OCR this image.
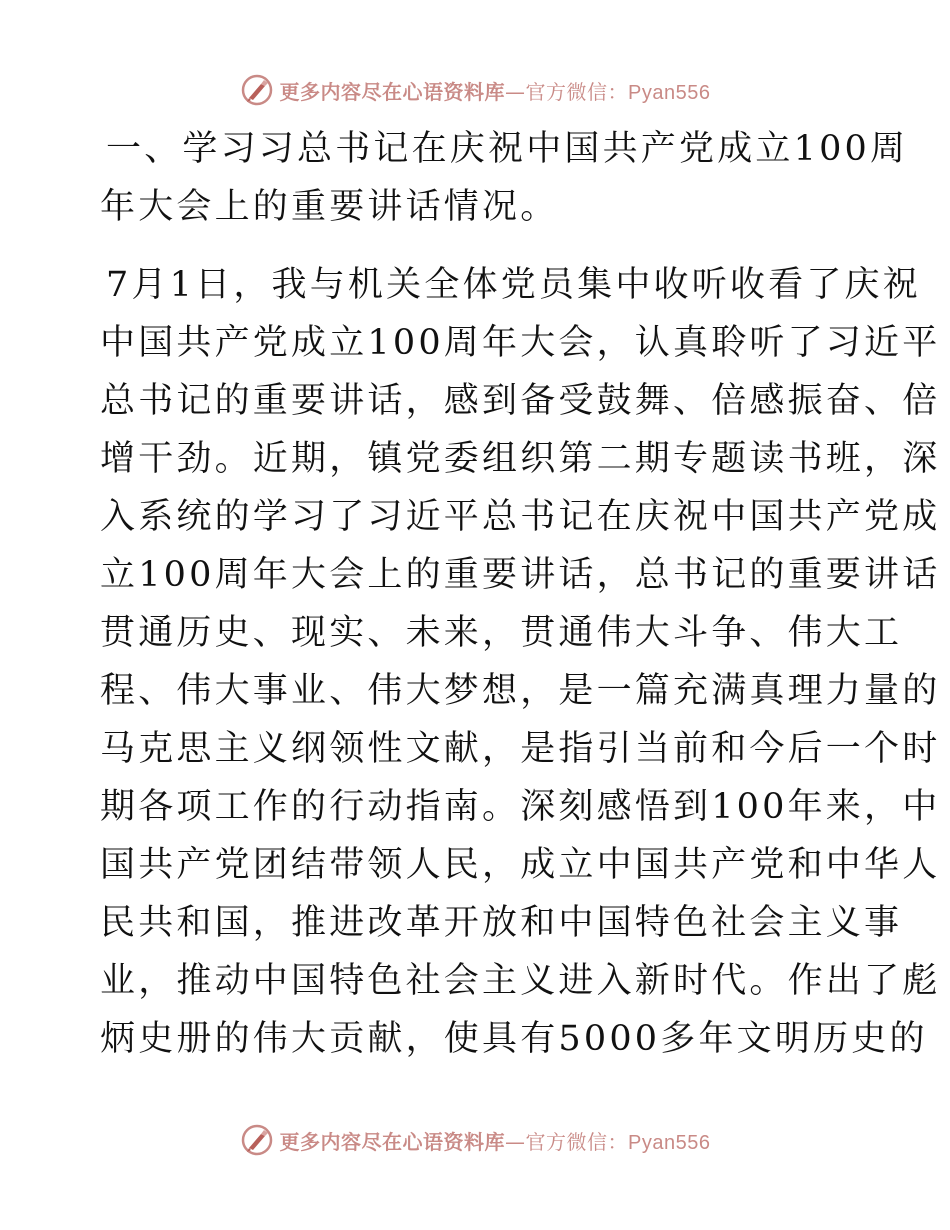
更多内容尽在心语资料库—官方微信：Pyan556
一、学习习总书记在庆祝中国共产党成立100周
年大会上的重要讲话情况。
7月1日，我与机关全体党员集中收听收看了庆祝
中国共产党成立100周年大会，认真聆听了习近平
总书记的重要讲话，感到备受鼓舞、倍感振奋、倍
增干劲。近期，镇党委组织第二期专题读书班，深
入系统的学习了习近平总书记在庆祝中国共产党成
立100周年大会上的重要讲话，总书记的重要讲话
贯通历史、现实、未来，贯通伟大斗争、伟大工
程、伟大事业、伟大梦想，是一篇充满真理力量的
马克思主义纲领性文献，是指引当前和今后一个时
期各项工作的行动指南。深刻感悟到100年来，中
国共产党团结带领人民，成立中国共产党和中华人
民共和国，推进改革开放和中国特色社会主义事
业，推动中国特色社会主义进入新时代。作出了彪
炳史册的伟大贡献，使具有5000多年文明历史的
更多内容尽在心语资料库—官方微信：Pyan556
